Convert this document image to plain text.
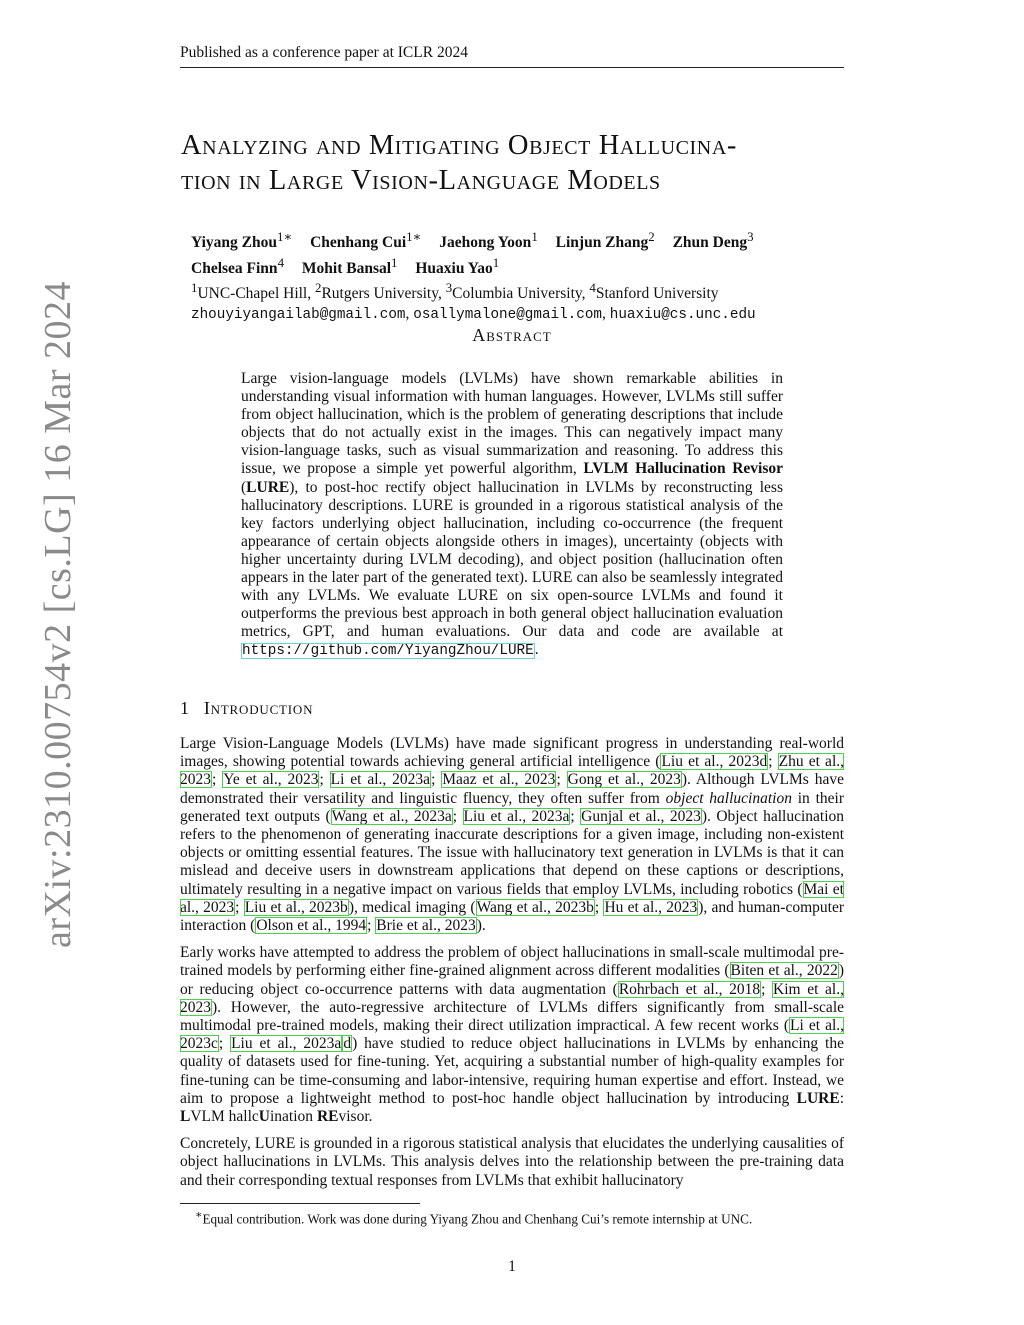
Published as a conference paper at ICLR 2024
arXiv:2310.00754v2 [cs.LG] 16 Mar 2024
Analyzing and Mitigating Object Hallucina-
tion in Large Vision-Language Models
Yiyang Zhou$^{1∗}$ Chenhang Cui$^{1∗}$ Jaehong Yoon$^1$ Linjun Zhang$^2$ Zhun Deng$^3$
Chelsea Finn$^4$ Mohit Bansal$^1$ Huaxiu Yao$^1$
$^1$UNC-Chapel Hill, $^2$Rutgers University, $^3$Columbia University, $^4$Stanford University
zhouyiyangailab@gmail.com, osallymalone@gmail.com, huaxiu@cs.unc.edu
Abstract
Large vision-language models (LVLMs) have shown remarkable abilities in understanding visual information with human languages. However, LVLMs still suffer from object hallucination, which is the problem of generating descriptions that include objects that do not actually exist in the images. This can negatively impact many vision-language tasks, such as visual summarization and reasoning. To address this issue, we propose a simple yet powerful algorithm, LVLM Hallucination Revisor (LURE), to post-hoc rectify object hallucination in LVLMs by reconstructing less hallucinatory descriptions. LURE is grounded in a rigorous statistical analysis of the key factors underlying object hallucination, including co-occurrence (the frequent appearance of certain objects alongside others in images), uncertainty (objects with higher uncertainty during LVLM decoding), and object position (hallucination often appears in the later part of the generated text). LURE can also be seamlessly integrated with any LVLMs. We evaluate LURE on six open-source LVLMs and found it outperforms the previous best approach in both general object hallucination evaluation metrics, GPT, and human evaluations. Our data and code are available at https://github.com/YiyangZhou/LURE.
1 Introduction

Large Vision-Language Models (LVLMs) have made significant progress in understanding real-world images, showing potential towards achieving general artificial intelligence (Liu et al., 2023d; Zhu et al., 2023; Ye et al., 2023; Li et al., 2023a; Maaz et al., 2023; Gong et al., 2023). Although LVLMs have demonstrated their versatility and linguistic fluency, they often suffer from object hallucination in their generated text outputs (Wang et al., 2023a; Liu et al., 2023a; Gunjal et al., 2023). Object hallucination refers to the phenomenon of generating inaccurate descriptions for a given image, including non-existent objects or omitting essential features. The issue with hallucinatory text generation in LVLMs is that it can mislead and deceive users in downstream applications that depend on these captions or descriptions, ultimately resulting in a negative impact on various fields that employ LVLMs, including robotics (Mai et al., 2023; Liu et al., 2023b), medical imaging (Wang et al., 2023b; Hu et al., 2023), and human-computer interaction (Olson et al., 1994; Brie et al., 2023).

Early works have attempted to address the problem of object hallucinations in small-scale multimodal pre-trained models by performing either fine-grained alignment across different modalities (Biten et al., 2022) or reducing object co-occurrence patterns with data augmentation (Rohrbach et al., 2018; Kim et al., 2023). However, the auto-regressive architecture of LVLMs differs significantly from small-scale multimodal pre-trained models, making their direct utilization impractical. A few recent works (Li et al., 2023c; Liu et al., 2023a d) have studied to reduce object hallucinations in LVLMs by enhancing the quality of datasets used for fine-tuning. Yet, acquiring a substantial number of high-quality examples for fine-tuning can be time-consuming and labor-intensive, requiring human expertise and effort. Instead, we aim to propose a lightweight method to post-hoc handle object hallucination by introducing LURE: LVLM hallcUination REvisor.

Concretely, LURE is grounded in a rigorous statistical analysis that elucidates the underlying causalities of object hallucinations in LVLMs. This analysis delves into the relationship between the pre-training data and their corresponding textual responses from LVLMs that exhibit hallucinatory

∗Equal contribution. Work was done during Yiyang Zhou and Chenhang Cui’s remote internship at UNC.
1
